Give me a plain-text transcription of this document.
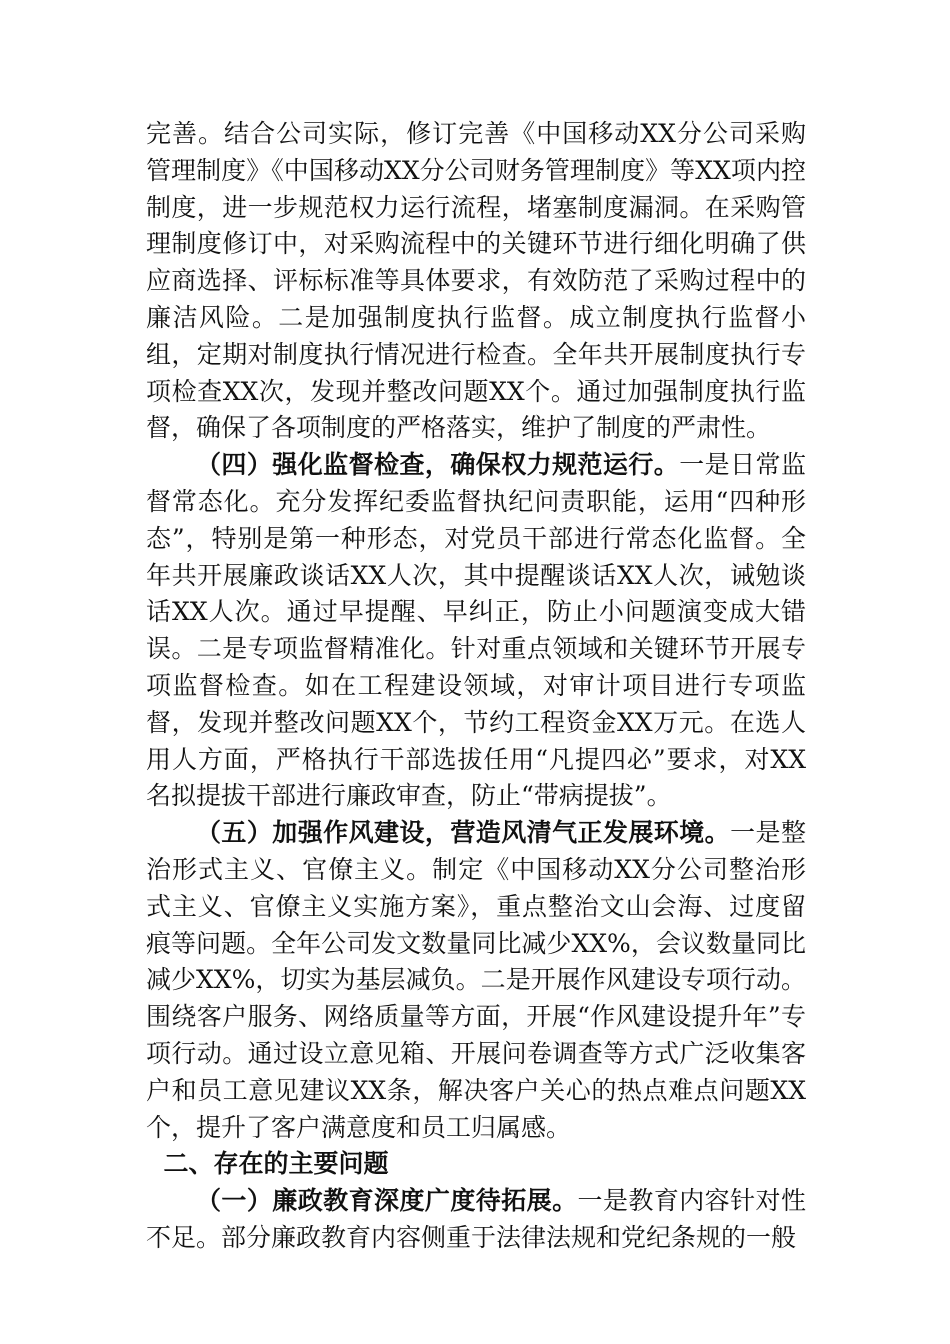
完善。结合公司实际，修订完善《中国移动XX分公司采购管理制度》《中国移动XX分公司财务管理制度》等XX项内控制度，进一步规范权力运行流程，堵塞制度漏洞。在采购管理制度修订中，对采购流程中的关键环节进行细化明确了供应商选择、评标标准等具体要求，有效防范了采购过程中的廉洁风险。二是加强制度执行监督。成立制度执行监督小组，定期对制度执行情况进行检查。全年共开展制度执行专项检查XX次，发现并整改问题XX个。通过加强制度执行监督，确保了各项制度的严格落实，维护了制度的严肃性。

（四）强化监督检查，确保权力规范运行。一是日常监督常态化。充分发挥纪委监督执纪问责职能，运用“四种形态”，特别是第一种形态，对党员干部进行常态化监督。全年共开展廉政谈话XX人次，其中提醒谈话XX人次，诫勉谈话XX人次。通过早提醒、早纠正，防止小问题演变成大错误。二是专项监督精准化。针对重点领域和关键环节开展专项监督检查。如在工程建设领域，对审计项目进行专项监督，发现并整改问题XX个，节约工程资金XX万元。在选人用人方面，严格执行干部选拔任用“凡提四必”要求，对XX名拟提拔干部进行廉政审查，防止“带病提拔”。

（五）加强作风建设，营造风清气正发展环境。一是整治形式主义、官僚主义。制定《中国移动XX分公司整治形式主义、官僚主义实施方案》，重点整治文山会海、过度留痕等问题。全年公司发文数量同比减少XX%，会议数量同比减少XX%，切实为基层减负。二是开展作风建设专项行动。围绕客户服务、网络质量等方面，开展“作风建设提升年”专项行动。通过设立意见箱、开展问卷调查等方式广泛收集客户和员工意见建议XX条，解决客户关心的热点难点问题XX个，提升了客户满意度和员工归属感。

二、存在的主要问题

（一）廉政教育深度广度待拓展。一是教育内容针对性不足。部分廉政教育内容侧重于法律法规和党纪条规的一般
